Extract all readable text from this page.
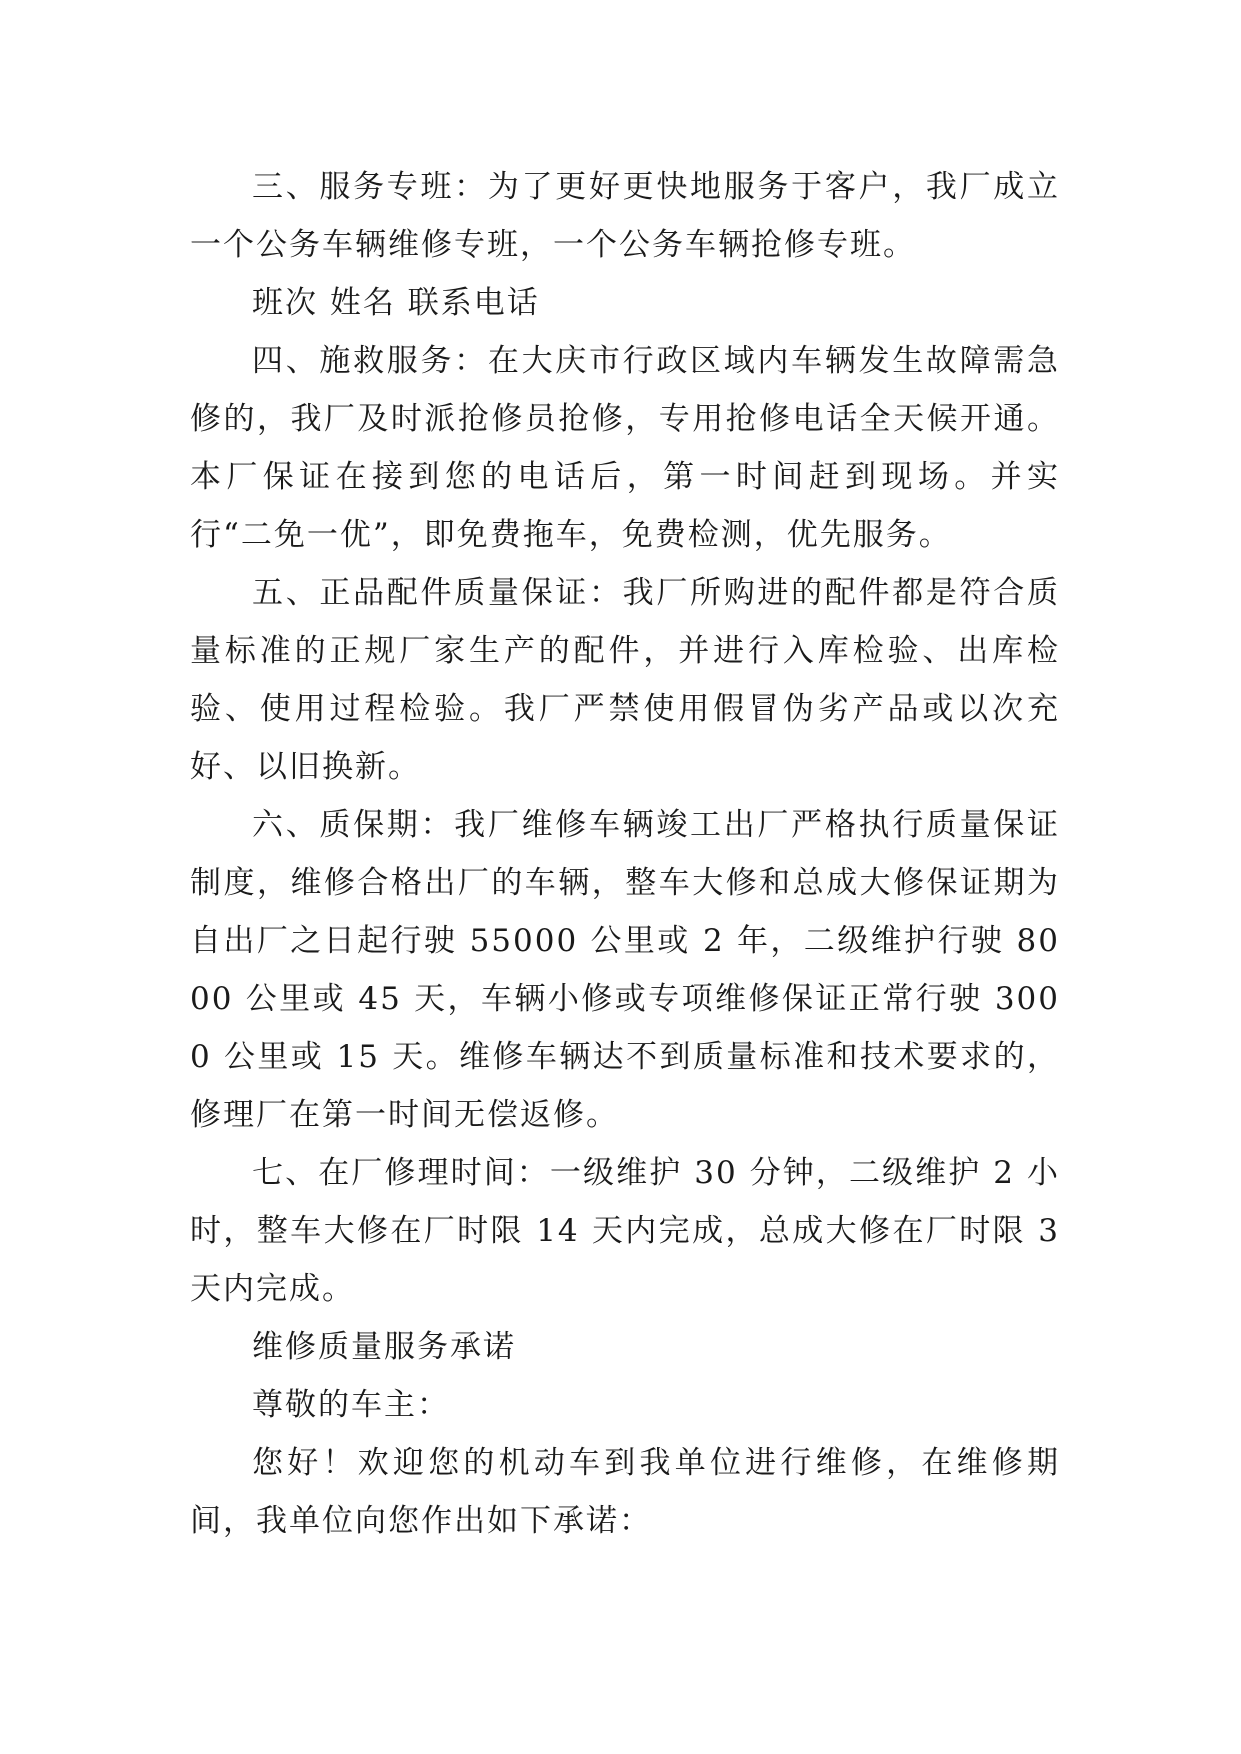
三、服务专班：为了更好更快地服务于客户，我厂成立一个公务车辆维修专班，一个公务车辆抢修专班。

班次 姓名 联系电话

四、施救服务：在大庆市行政区域内车辆发生故障需急修的，我厂及时派抢修员抢修，专用抢修电话全天候开通。本厂保证在接到您的电话后，第一时间赶到现场。并实行“二免一优”，即免费拖车，免费检测，优先服务。

五、正品配件质量保证：我厂所购进的配件都是符合质量标准的正规厂家生产的配件，并进行入库检验、出库检验、使用过程检验。我厂严禁使用假冒伪劣产品或以次充好、以旧换新。

六、质保期：我厂维修车辆竣工出厂严格执行质量保证制度，维修合格出厂的车辆，整车大修和总成大修保证期为自出厂之日起行驶 55000 公里或 2 年，二级维护行驶 8000 公里或 45 天，车辆小修或专项维修保证正常行驶 3000 公里或 15 天。维修车辆达不到质量标准和技术要求的，修理厂在第一时间无偿返修。

七、在厂修理时间：一级维护 30 分钟，二级维护 2 小时，整车大修在厂时限 14 天内完成，总成大修在厂时限 3 天内完成。

维修质量服务承诺

尊敬的车主：

您好！欢迎您的机动车到我单位进行维修，在维修期间，我单位向您作出如下承诺：
